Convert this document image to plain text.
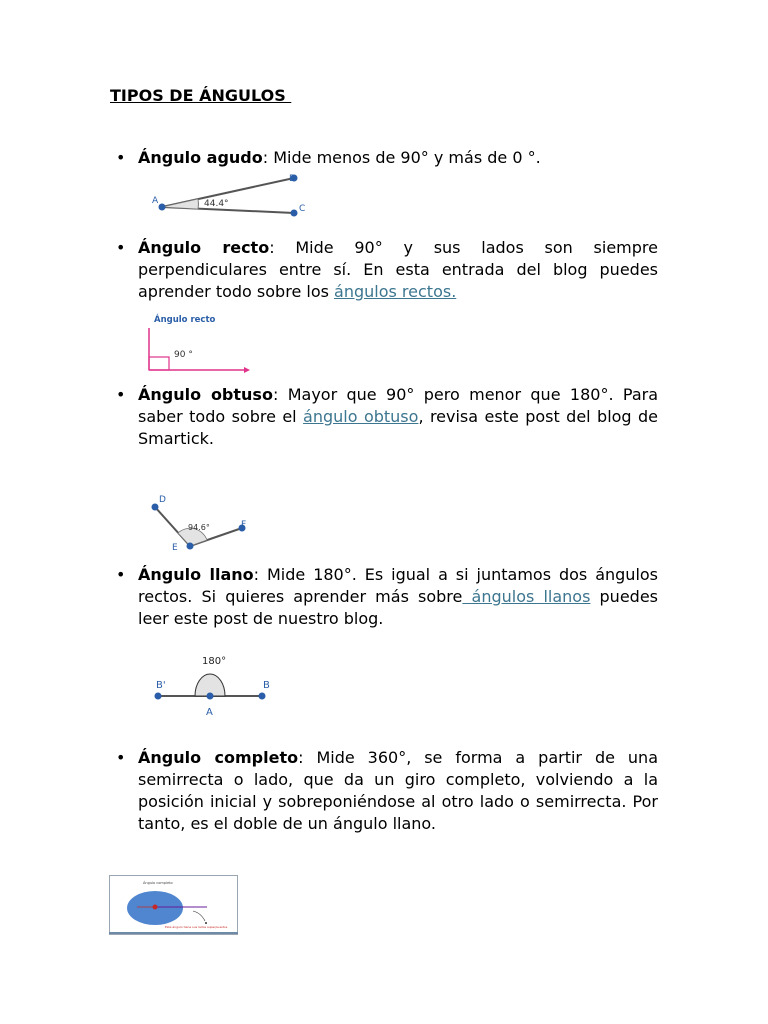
TIPOS DE ÁNGULOS
• Ángulo agudo: Mide menos de 90° y más de 0 °.
A
B
C
44.4°
• Ángulo recto: Mide 90° y sus lados son siempre perpendiculares entre sí. En esta entrada del blog puedes aprender todo sobre los ángulos rectos.
Ángulo recto
90 °
• Ángulo obtuso: Mayor que 90° pero menor que 180°. Para saber todo sobre el ángulo obtuso, revisa este post del blog de Smartick.
D
E
F
94.6°
• Ángulo llano: Mide 180°. Es igual a si juntamos dos ángulos rectos. Si quieres aprender más sobre ángulos llanos puedes leer este post de nuestro blog.
180°
B'
A
B
• Ángulo completo: Mide 360°, se forma a partir de una semirrecta o lado, que da un giro completo, volviendo a la posición inicial y sobreponiéndose al otro lado o semirrecta. Por tanto, es el doble de un ángulo llano.
Ángulo completo
Este ángulo tiene sus lados superpuestos
